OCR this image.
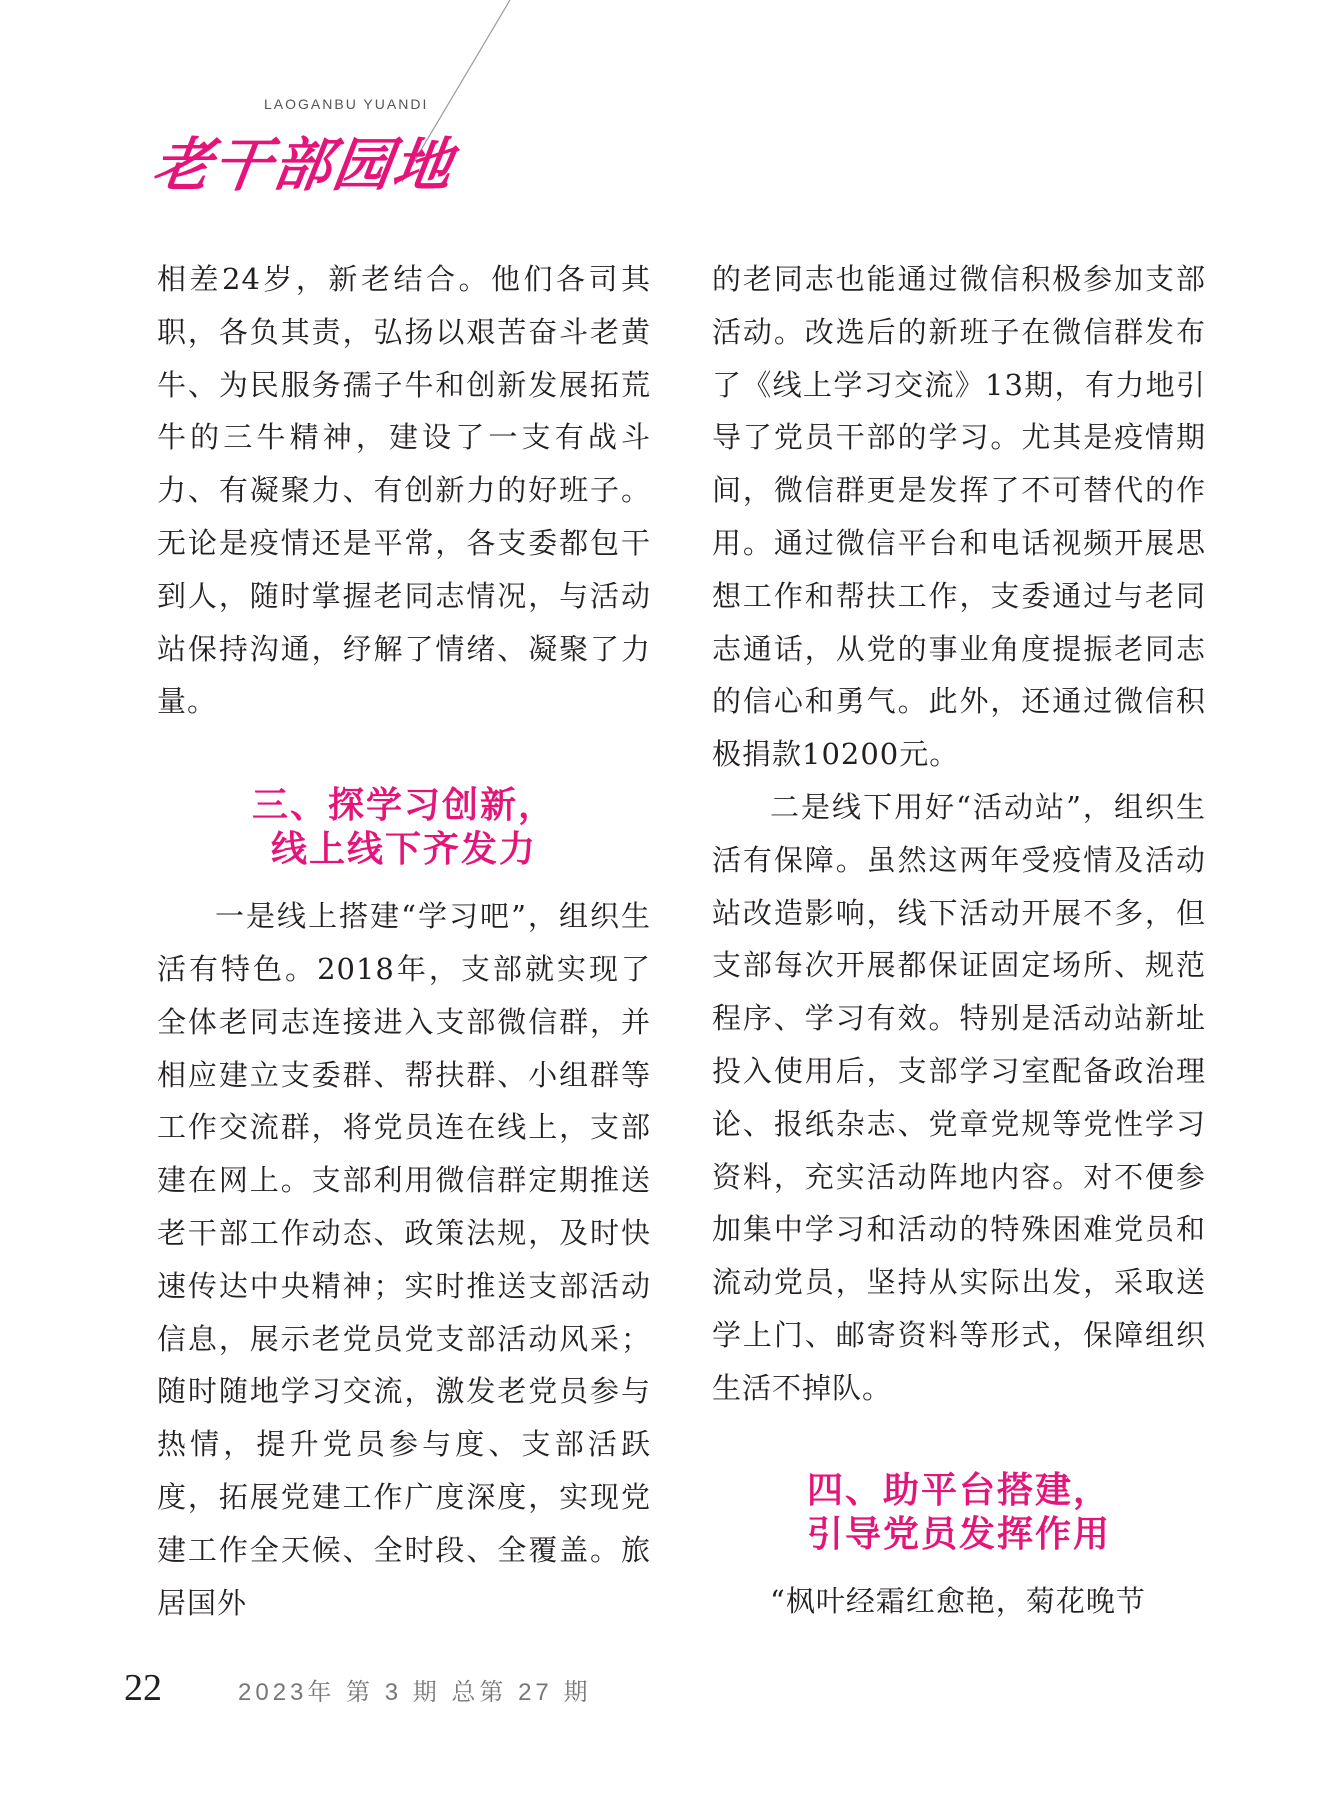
LAOGANBU YUANDI
老干部园地

相差24岁，新老结合。他们各司其职，各负其责，弘扬以艰苦奋斗老黄牛、为民服务孺子牛和创新发展拓荒牛的三牛精神，建设了一支有战斗力、有凝聚力、有创新力的好班子。无论是疫情还是平常，各支委都包干到人，随时掌握老同志情况，与活动站保持沟通，纾解了情绪、凝聚了力量。

三、探学习创新，
线上线下齐发力

一是线上搭建“学习吧”，组织生活有特色。2018年，支部就实现了全体老同志连接进入支部微信群，并相应建立支委群、帮扶群、小组群等工作交流群，将党员连在线上，支部建在网上。支部利用微信群定期推送老干部工作动态、政策法规，及时快速传达中央精神；实时推送支部活动信息，展示老党员党支部活动风采；随时随地学习交流，激发老党员参与热情，提升党员参与度、支部活跃度，拓展党建工作广度深度，实现党建工作全天候、全时段、全覆盖。旅居国外

的老同志也能通过微信积极参加支部活动。改选后的新班子在微信群发布了《线上学习交流》13期，有力地引导了党员干部的学习。尤其是疫情期间，微信群更是发挥了不可替代的作用。通过微信平台和电话视频开展思想工作和帮扶工作，支委通过与老同志通话，从党的事业角度提振老同志的信心和勇气。此外，还通过微信积极捐款10200元。

二是线下用好“活动站”，组织生活有保障。虽然这两年受疫情及活动站改造影响，线下活动开展不多，但支部每次开展都保证固定场所、规范程序、学习有效。特别是活动站新址投入使用后，支部学习室配备政治理论、报纸杂志、党章党规等党性学习资料，充实活动阵地内容。对不便参加集中学习和活动的特殊困难党员和流动党员，坚持从实际出发，采取送学上门、邮寄资料等形式，保障组织生活不掉队。

四、助平台搭建，
引导党员发挥作用

“枫叶经霜红愈艳，菊花晚节

22	2023年 第 3 期 总第 27 期
